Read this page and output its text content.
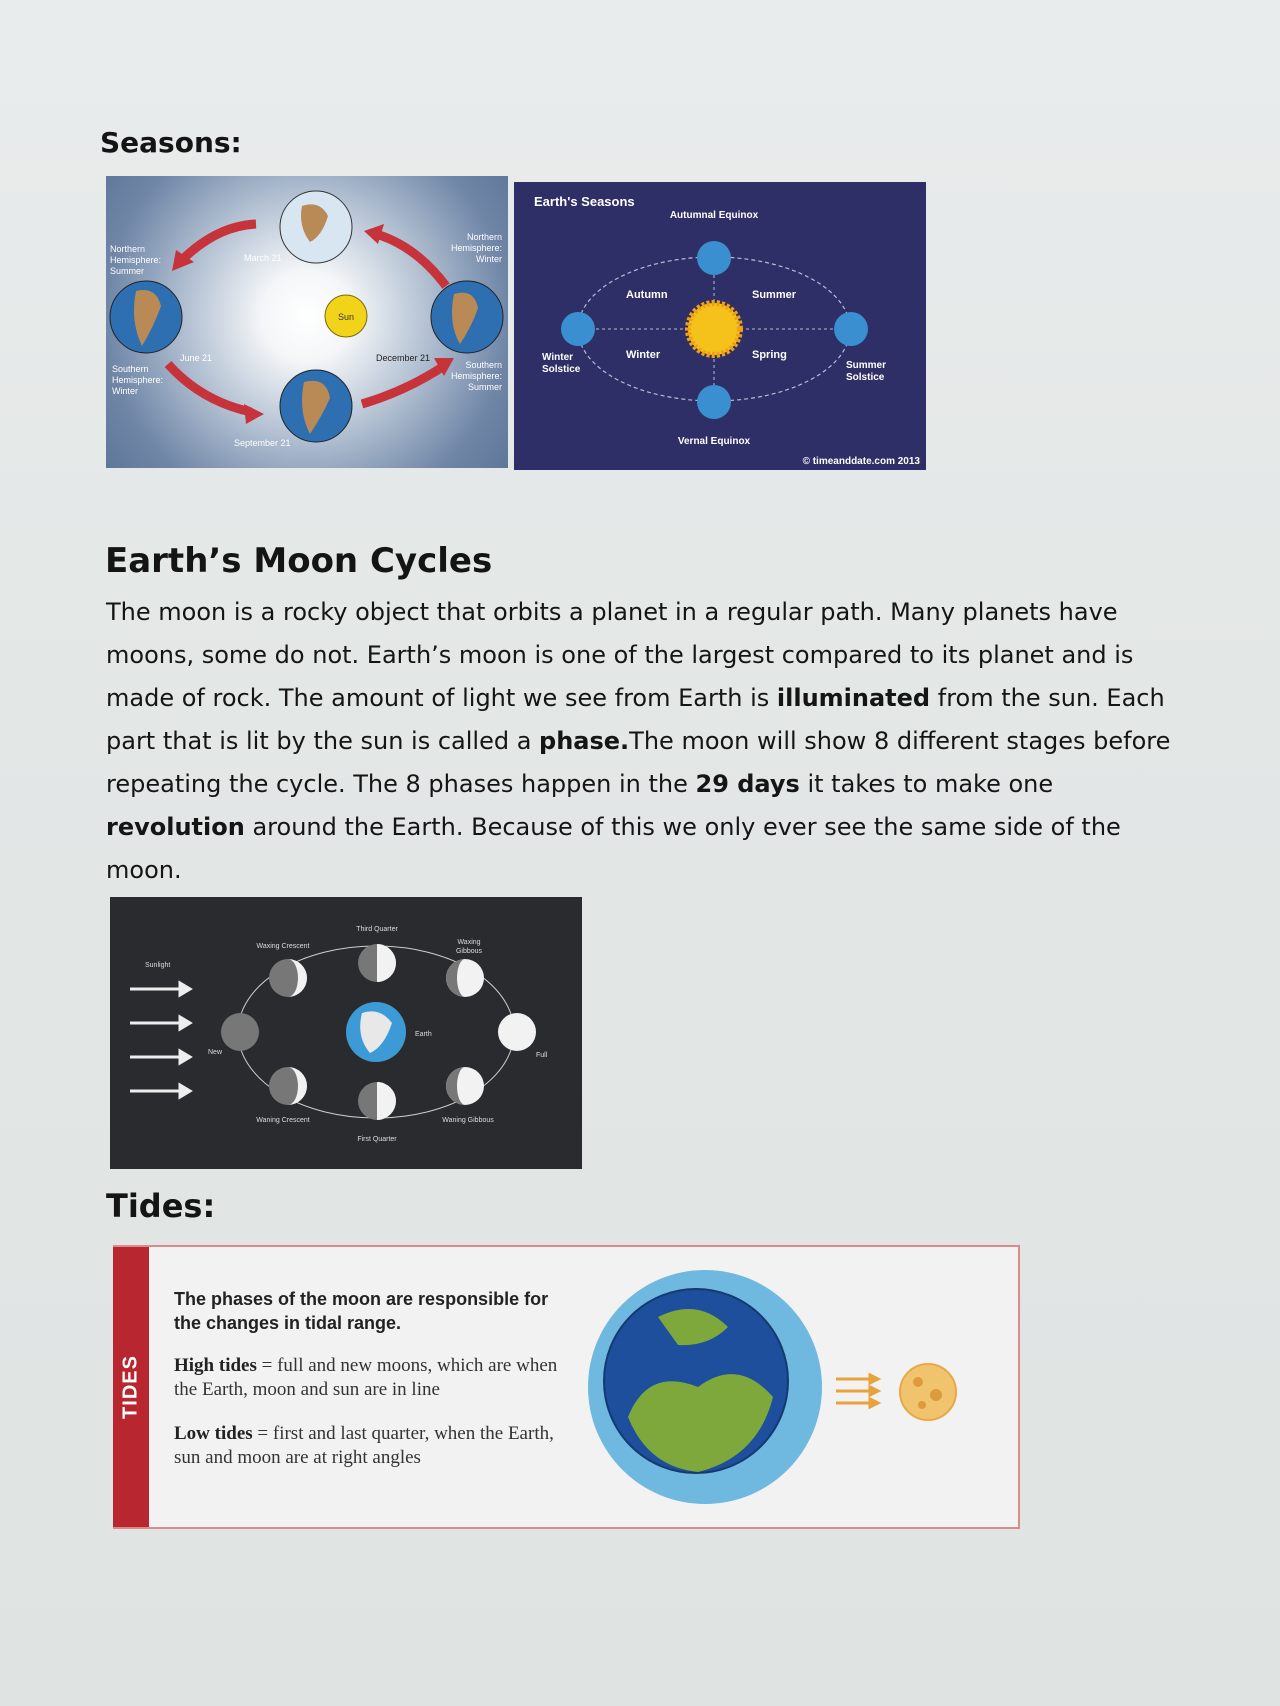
Seasons:
Sun
March 21
June 21	December 21
September 21
Northern
Hemisphere:
Summer
Northern
Hemisphere:
Winter
Southern
Hemisphere:
Winter
Southern
Hemisphere:
Summer
Earth's Seasons
Autumnal Equinox
Vernal Equinox
Winter
Solstice	Summer
Solstice
Autumn	Summer
Winter	Spring
© timeanddate.com 2013
Earth’s Moon Cycles
The moon is a rocky object that orbits a planet in a regular path. Many planets have moons, some do not. Earth’s moon is one of the largest compared to its planet and is made of rock. The amount of light we see from Earth is illuminated from the sun. Each part that is lit by the sun is called a phase.The moon will show 8 different stages before repeating the cycle. The 8 phases happen in the 29 days it takes to make one revolution around the Earth. Because of this we only ever see the same side of the moon.
Sunlight
New	Full
Earth
Third Quarter
First Quarter
Waxing Crescent
Waxing
Gibbous
Waning Crescent	Waning Gibbous
Tides:
TIDES
The phases of the moon are responsible for the changes in tidal range.
High tides = full and new moons, which are when the Earth, moon and sun are in line
Low tides = first and last quarter, when the Earth, sun and moon are at right angles
